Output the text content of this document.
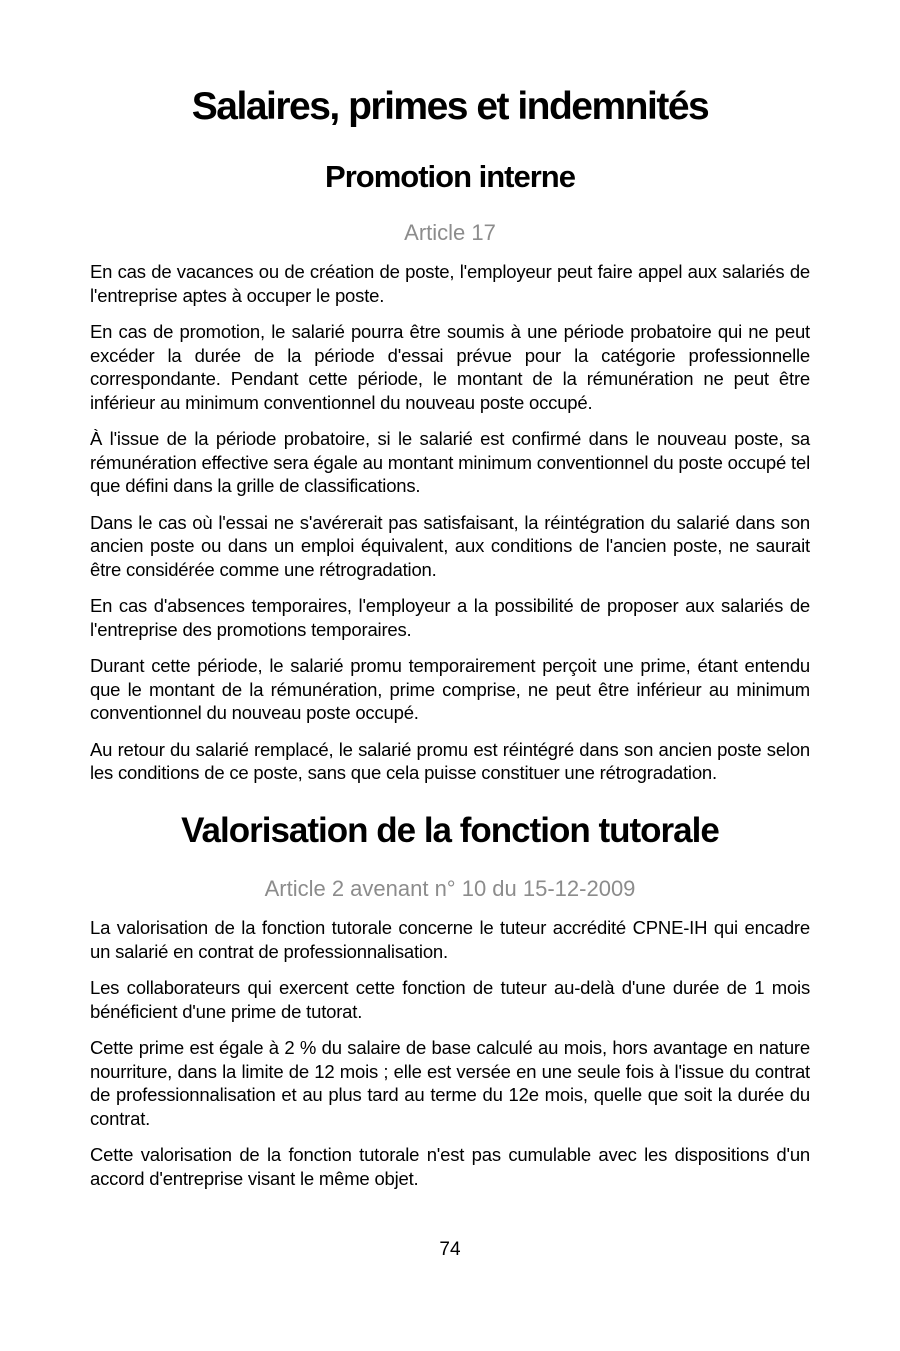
Salaires, primes et indemnités
Promotion interne
Article 17

En cas de vacances ou de création de poste, l'employeur peut faire appel aux salariés de l'entreprise aptes à occuper le poste.

En cas de promotion, le salarié pourra être soumis à une période probatoire qui ne peut excéder la durée de la période d'essai prévue pour la catégorie professionnelle correspondante. Pendant cette période, le montant de la rémunération ne peut être inférieur au minimum conventionnel du nouveau poste occupé.

À l'issue de la période probatoire, si le salarié est confirmé dans le nouveau poste, sa rémunération effective sera égale au montant minimum conventionnel du poste occupé tel que défini dans la grille de classifications.

Dans le cas où l'essai ne s'avérerait pas satisfaisant, la réintégration du salarié dans son ancien poste ou dans un emploi équivalent, aux conditions de l'ancien poste, ne saurait être considérée comme une rétrogradation.

En cas d'absences temporaires, l'employeur a la possibilité de proposer aux salariés de l'entreprise des promotions temporaires.

Durant cette période, le salarié promu temporairement perçoit une prime, étant entendu que le montant de la rémunération, prime comprise, ne peut être inférieur au minimum conventionnel du nouveau poste occupé.

Au retour du salarié remplacé, le salarié promu est réintégré dans son ancien poste selon les conditions de ce poste, sans que cela puisse constituer une rétrogradation.

Valorisation de la fonction tutorale
Article 2 avenant n° 10 du 15-12-2009

La valorisation de la fonction tutorale concerne le tuteur accrédité CPNE-IH qui encadre un salarié en contrat de professionnalisation.

Les collaborateurs qui exercent cette fonction de tuteur au-delà d'une durée de 1 mois bénéficient d'une prime de tutorat.

Cette prime est égale à 2 % du salaire de base calculé au mois, hors avantage en nature nourriture, dans la limite de 12 mois ; elle est versée en une seule fois à l'issue du contrat de professionnalisation et au plus tard au terme du 12e mois, quelle que soit la durée du contrat.

Cette valorisation de la fonction tutorale n'est pas cumulable avec les dispositions d'un accord d'entreprise visant le même objet.

74
